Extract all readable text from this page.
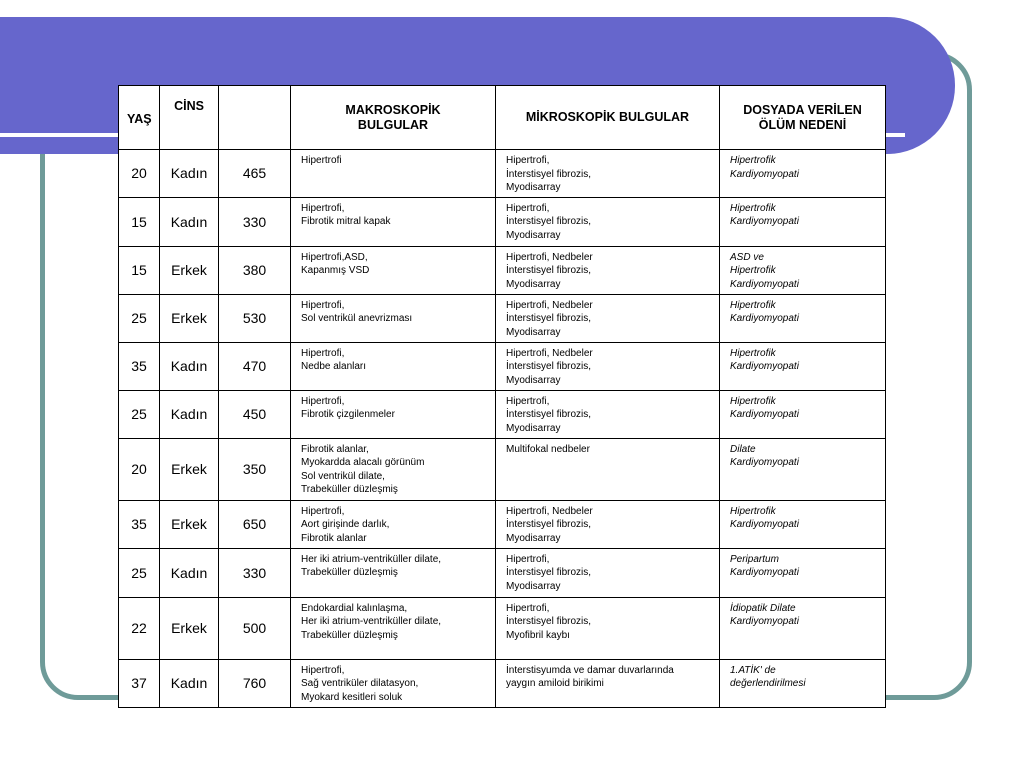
YAŞ	CİNS		MAKROSKOPİK
BULGULAR	MİKROSKOPİK BULGULAR	DOSYADA VERİLEN
ÖLÜM NEDENİ

20	Kadın	465	Hipertrofi	Hipertrofi,
İnterstisyel fibrozis,
Myodisarray	Hipertrofik
Kardiyomyopati

15	Kadın	330	Hipertrofi,
Fibrotik mitral kapak	Hipertrofi,
İnterstisyel fibrozis,
Myodisarray	Hipertrofik
Kardiyomyopati

15	Erkek	380	Hipertrofi,ASD,
Kapanmış VSD	Hipertrofi, Nedbeler
İnterstisyel fibrozis,
Myodisarray	ASD ve
Hipertrofik
Kardiyomyopati

25	Erkek	530	Hipertrofi,
Sol ventrikül anevrizması	Hipertrofi, Nedbeler
İnterstisyel fibrozis,
Myodisarray	Hipertrofik
Kardiyomyopati

35	Kadın	470	Hipertrofi,
Nedbe alanları	Hipertrofi, Nedbeler
İnterstisyel fibrozis,
Myodisarray	Hipertrofik
Kardiyomyopati

25	Kadın	450	Hipertrofi,
Fibrotik çizgilenmeler	Hipertrofi,
İnterstisyel fibrozis,
Myodisarray	Hipertrofik
Kardiyomyopati

20	Erkek	350	Fibrotik alanlar,
Myokardda alacalı görünüm
Sol ventrikül dilate,
Trabeküller düzleşmiş	Multifokal nedbeler	Dilate
Kardiyomyopati

35	Erkek	650	Hipertrofi,
Aort girişinde darlık,
Fibrotik alanlar	Hipertrofi, Nedbeler
İnterstisyel fibrozis,
Myodisarray	Hipertrofik
Kardiyomyopati

25	Kadın	330	Her iki atrium-ventriküller dilate,
Trabeküller düzleşmiş	Hipertrofi,
İnterstisyel fibrozis,
Myodisarray	Peripartum
Kardiyomyopati

22	Erkek	500	Endokardial kalınlaşma,
Her iki atrium-ventriküller dilate,
Trabeküller düzleşmiş	Hipertrofi,
İnterstisyel fibrozis,
Myofibril kaybı	İdiopatik Dilate
Kardiyomyopati

37	Kadın	760	Hipertrofi,
Sağ ventriküler dilatasyon,
Myokard kesitleri soluk	İnterstisyumda ve damar duvarlarında
yaygın amiloid birikimi	1.ATİK' de
değerlendirilmesi
